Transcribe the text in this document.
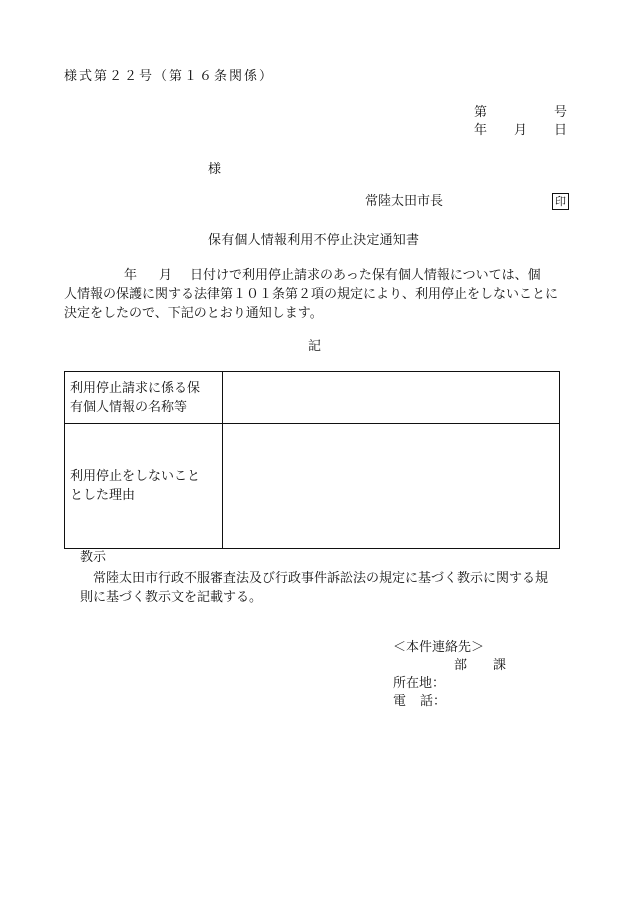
様式第２２号（第１６条関係）
第	号
年 月 日
様
常陸太田市長	印
保有個人情報利用不停止決定通知書
年 月 日付けで利用停止請求のあった保有個人情報については、個
人情報の保護に関する法律第１０１条第２項の規定により、利用停止をしないことに
決定をしたので、下記のとおり通知します。
記
利用停止請求に係る保
有個人情報の名称等	

利用停止をしないこと
とした理由	

教示
常陸太田市行政不服審査法及び行政事件訴訟法の規定に基づく教示に関する規
則に基づく教示文を記載する。
＜本件連絡先＞
部 課
所在地：
電 話：
